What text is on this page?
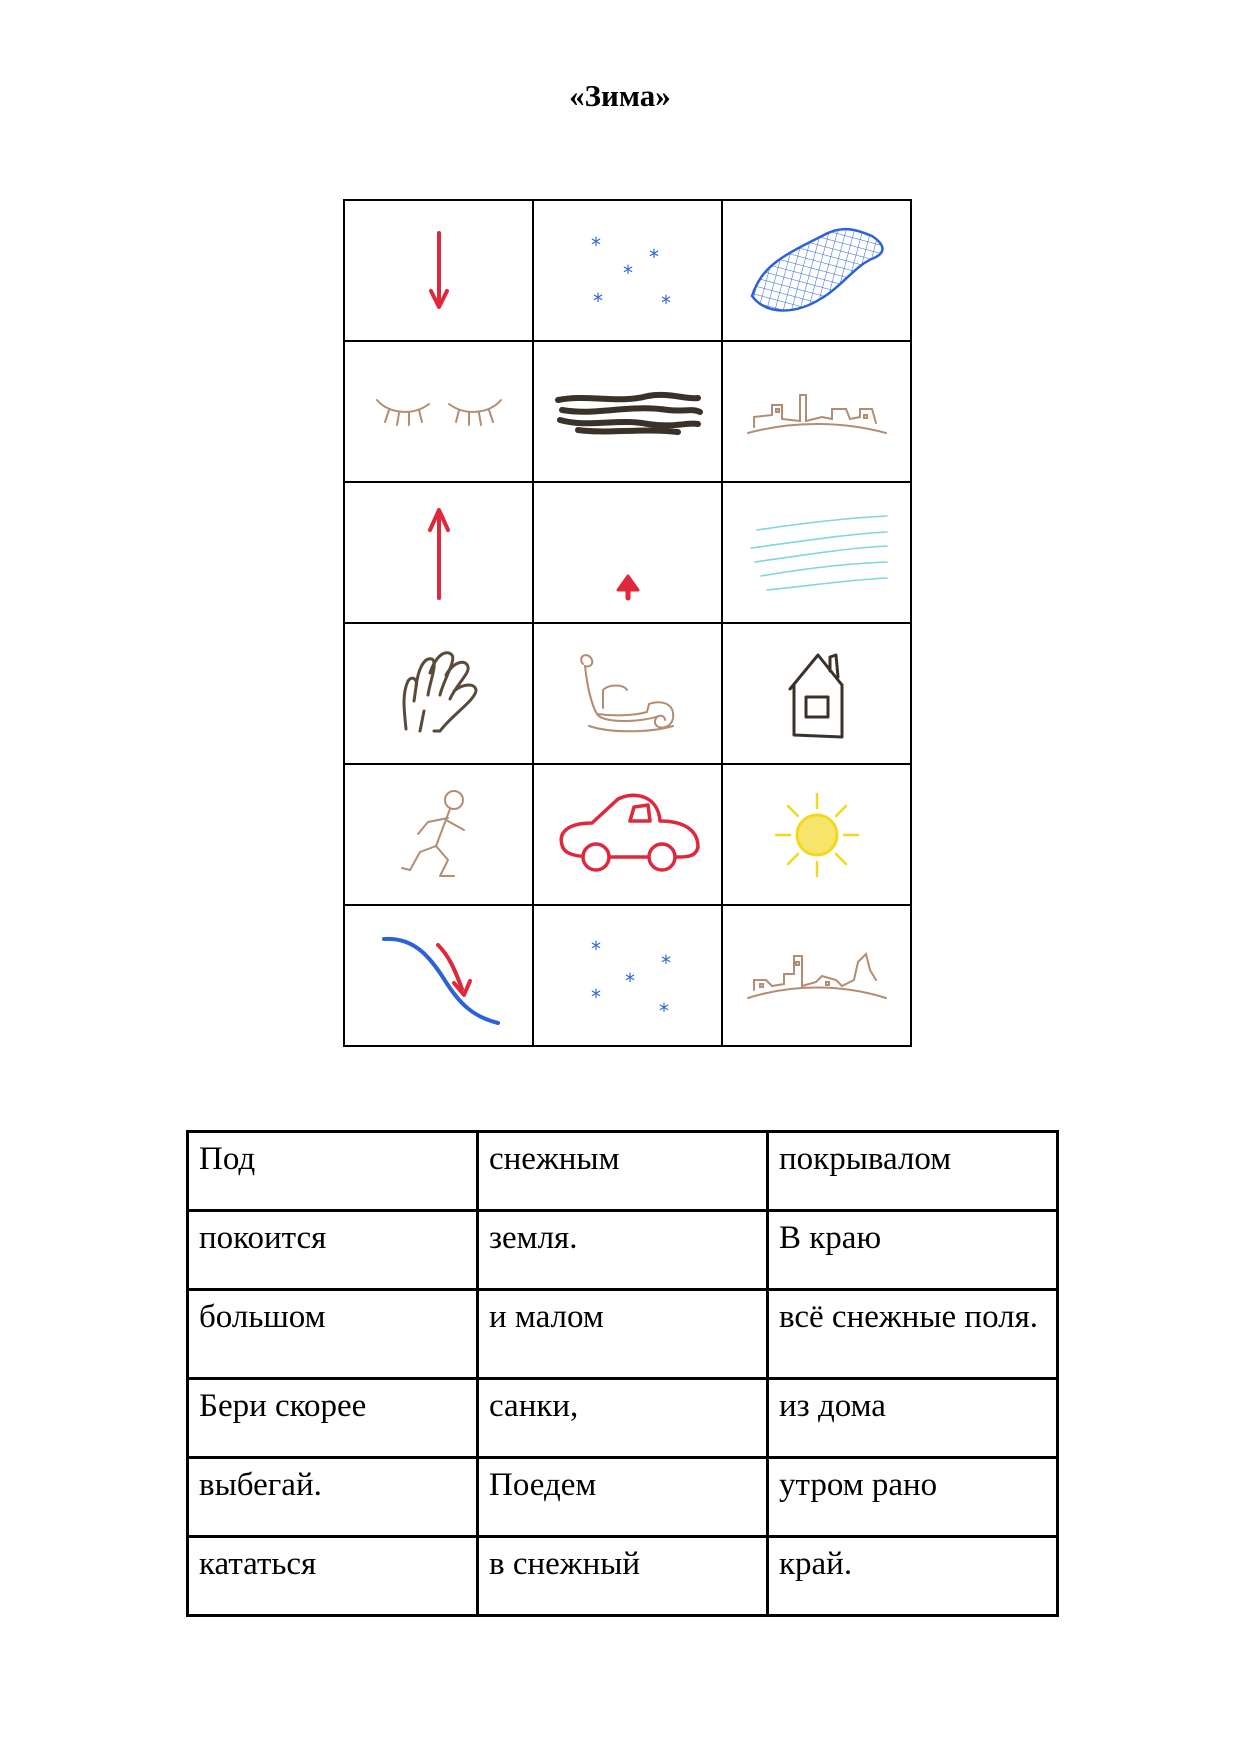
«Зима»

* *
*
* *

*
*
*
*
*

Под	снежным	покрывалом
покоится	земля.	В краю
большом	и малом	всё снежные поля.
Бери скорее	санки,	из дома
выбегай.	Поедем	утром рано
кататься	в снежный	край.
